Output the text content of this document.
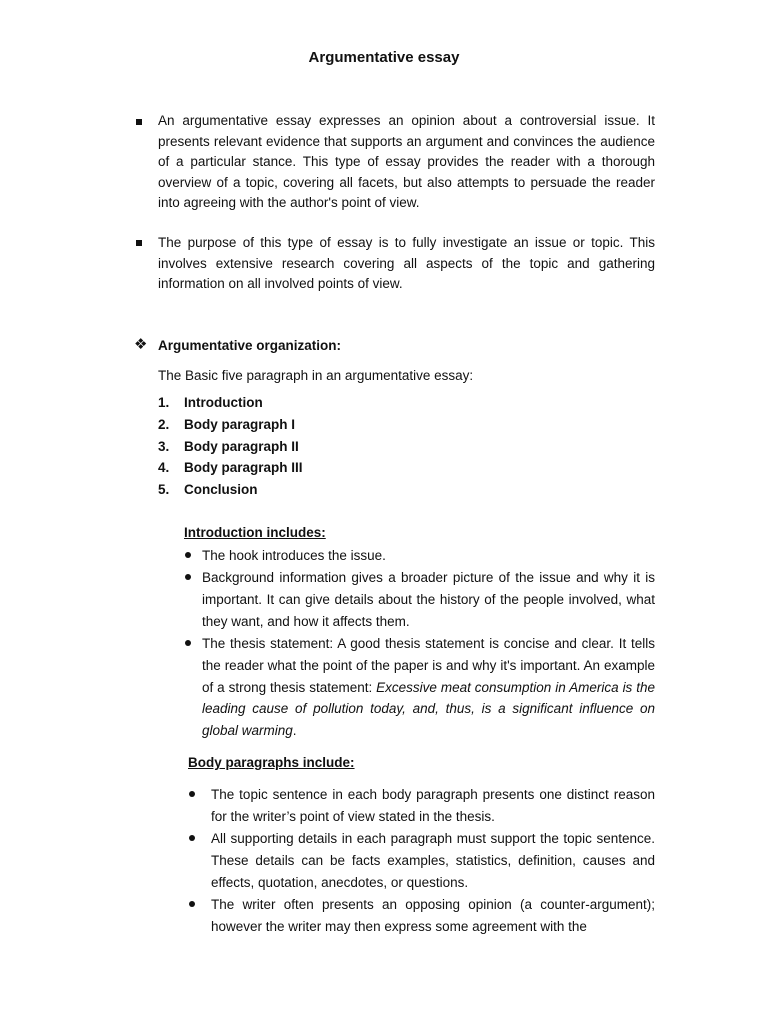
Argumentative essay
An argumentative essay expresses an opinion about a controversial issue. It presents relevant evidence that supports an argument and convinces the audience of a particular stance. This type of essay provides the reader with a thorough overview of a topic, covering all facets, but also attempts to persuade the reader into agreeing with the author's point of view.
The purpose of this type of essay is to fully investigate an issue or topic. This involves extensive research covering all aspects of the topic and gathering information on all involved points of view.
❖ Argumentative organization:
The Basic five paragraph in an argumentative essay:
1.	Introduction
2.	Body paragraph I
3.	Body paragraph II
4.	Body paragraph III
5.	Conclusion
Introduction includes:
The hook introduces the issue.
Background information gives a broader picture of the issue and why it is important. It can give details about the history of the people involved, what they want, and how it affects them.
The thesis statement: A good thesis statement is concise and clear. It tells the reader what the point of the paper is and why it's important. An example of a strong thesis statement: Excessive meat consumption in America is the leading cause of pollution today, and, thus, is a significant influence on global warming.
Body paragraphs include:
The topic sentence in each body paragraph presents one distinct reason for the writer’s point of view stated in the thesis.
All supporting details in each paragraph must support the topic sentence. These details can be facts examples, statistics, definition, causes and effects, quotation, anecdotes, or questions.
The writer often presents an opposing opinion (a counter-argument); however the writer may then express some agreement with the
